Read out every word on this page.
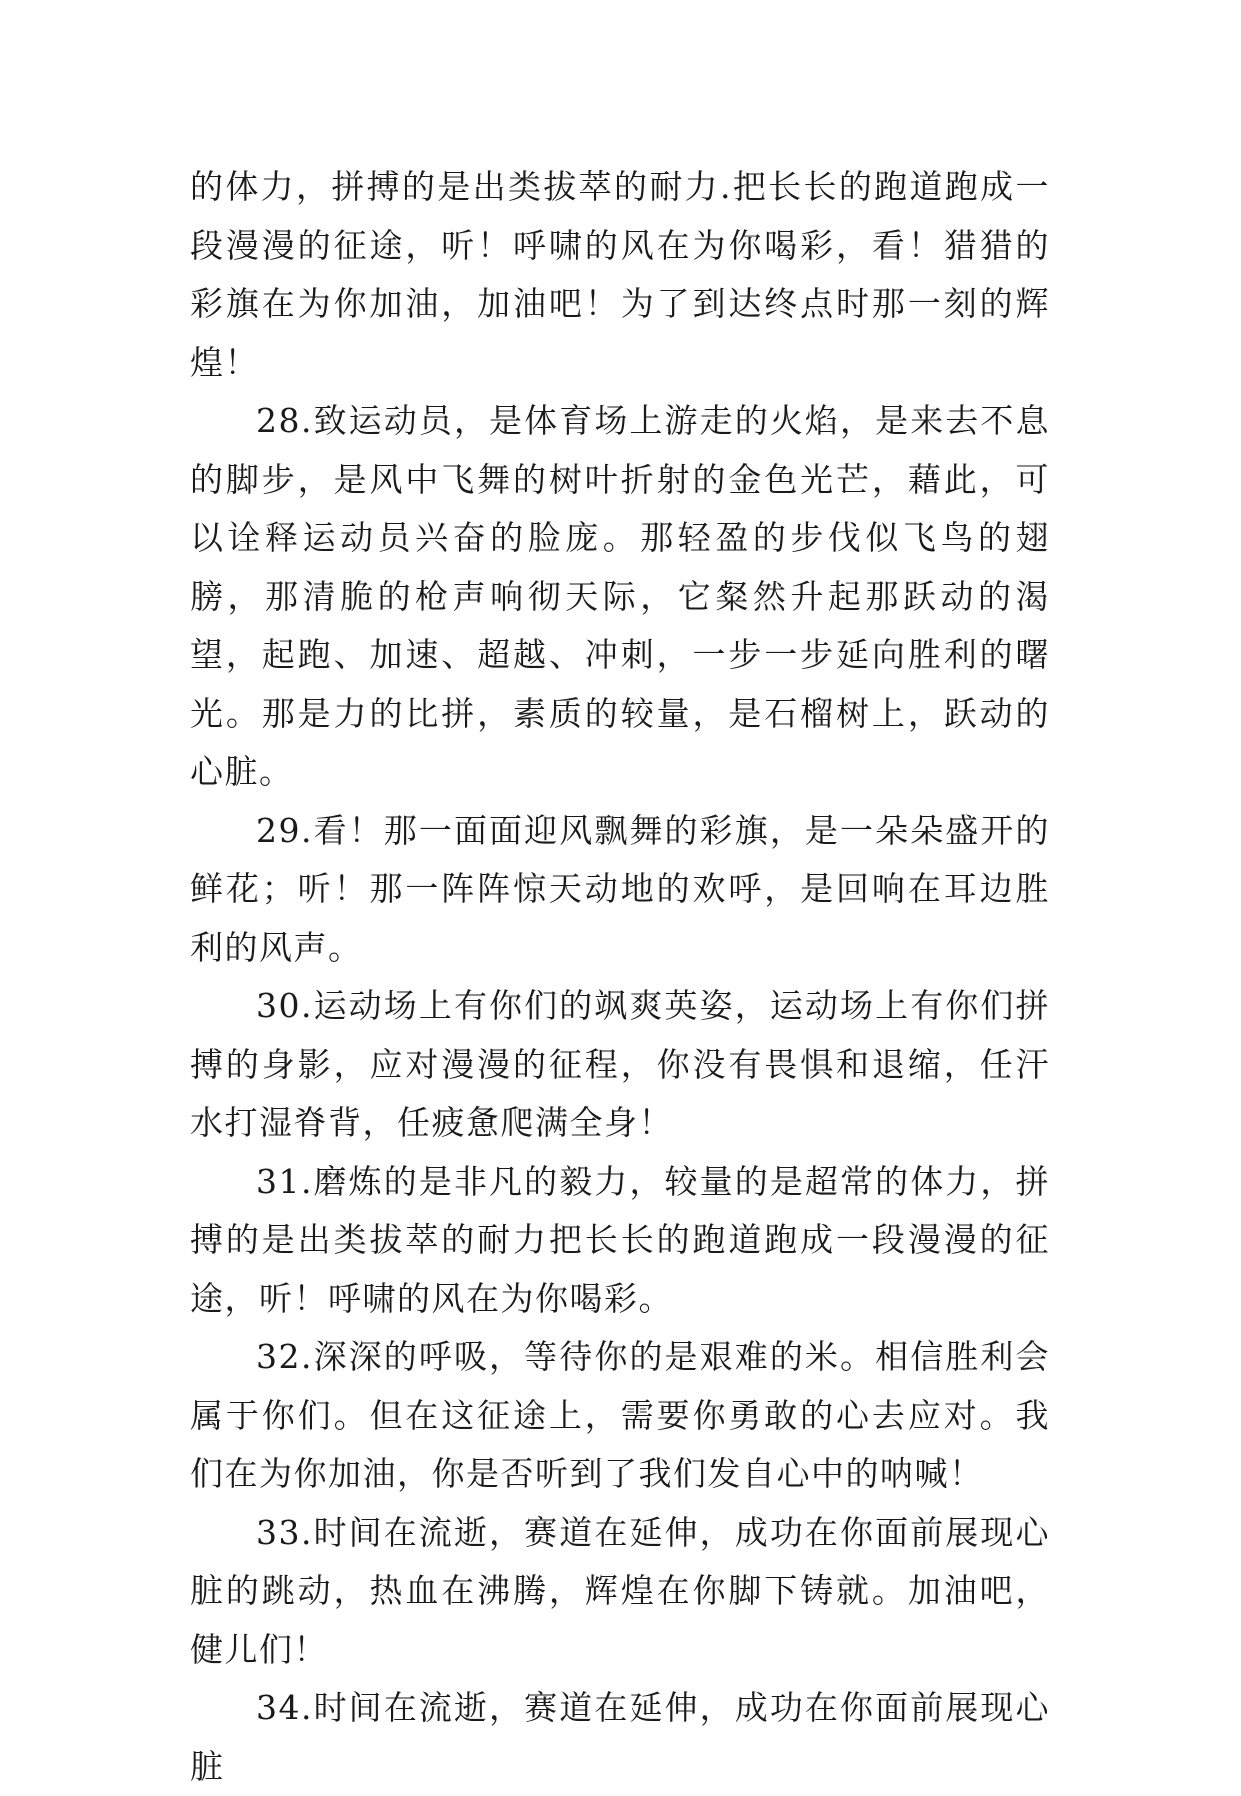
的体力，拼搏的是出类拔萃的耐力.把长长的跑道跑成一段漫漫的征途，听！呼啸的风在为你喝彩，看！猎猎的彩旗在为你加油，加油吧！为了到达终点时那一刻的辉煌！

28.致运动员，是体育场上游走的火焰，是来去不息的脚步，是风中飞舞的树叶折射的金色光芒，藉此，可以诠释运动员兴奋的脸庞。那轻盈的步伐似飞鸟的翅膀，那清脆的枪声响彻天际，它粲然升起那跃动的渴望，起跑、加速、超越、冲刺，一步一步延向胜利的曙光。那是力的比拼，素质的较量，是石榴树上，跃动的心脏。

29.看！那一面面迎风飘舞的彩旗，是一朵朵盛开的鲜花；听！那一阵阵惊天动地的欢呼，是回响在耳边胜利的风声。

30.运动场上有你们的飒爽英姿，运动场上有你们拼搏的身影，应对漫漫的征程，你没有畏惧和退缩，任汗水打湿脊背，任疲惫爬满全身！

31.磨炼的是非凡的毅力，较量的是超常的体力，拼搏的是出类拔萃的耐力把长长的跑道跑成一段漫漫的征途，听！呼啸的风在为你喝彩。

32.深深的呼吸，等待你的是艰难的米。相信胜利会属于你们。但在这征途上，需要你勇敢的心去应对。我们在为你加油，你是否听到了我们发自心中的呐喊！

33.时间在流逝，赛道在延伸，成功在你面前展现心脏的跳动，热血在沸腾，辉煌在你脚下铸就。加油吧，健儿们！

34.时间在流逝，赛道在延伸，成功在你面前展现心脏
